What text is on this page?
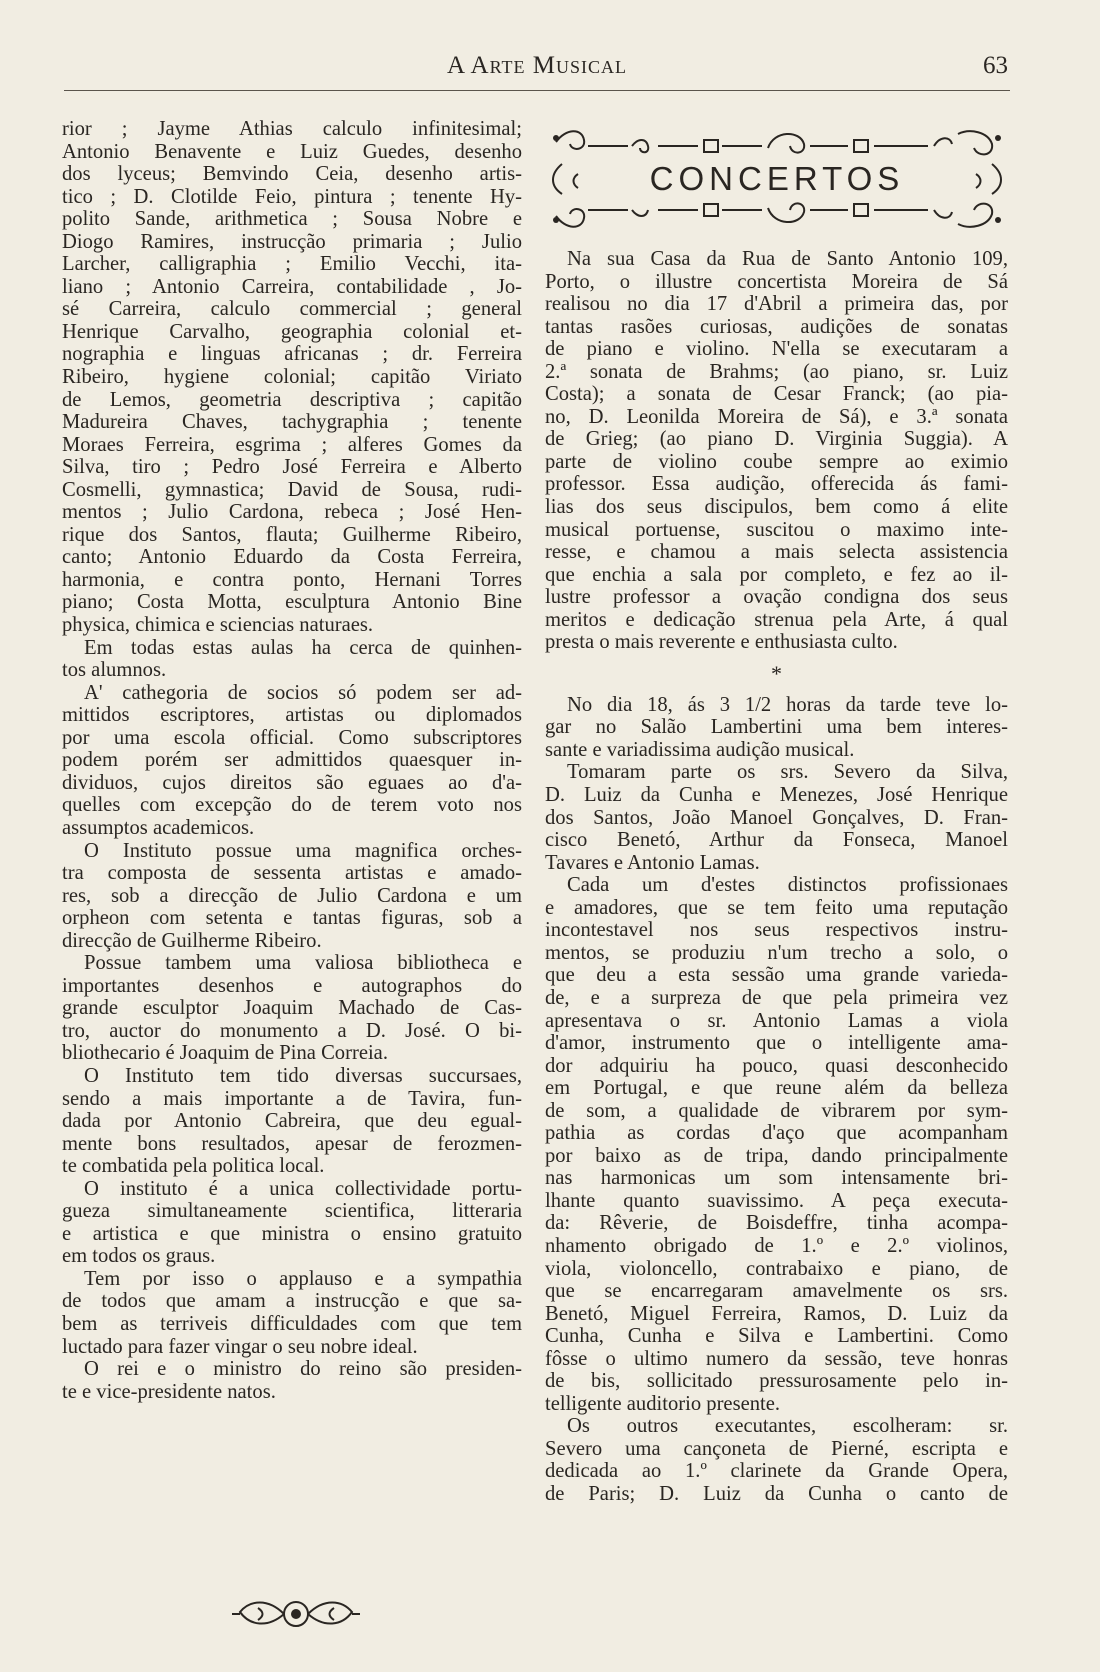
A Arte Musical	63
rior ; Jayme Athias calculo infinitesimal;
Antonio Benavente e Luiz Guedes, desenho
dos lyceus; Bemvindo Ceia, desenho artis-
tico ; D. Clotilde Feio, pintura ; tenente Hy-
polito Sande, arithmetica ; Sousa Nobre e
Diogo Ramires, instrucção primaria ; Julio
Larcher, calligraphia ; Emilio Vecchi, ita-
liano ; Antonio Carreira, contabilidade , Jo-
sé Carreira, calculo commercial ; general
Henrique Carvalho, geographia colonial et-
nographia e linguas africanas ; dr. Ferreira
Ribeiro, hygiene colonial; capitão Viriato
de Lemos, geometria descriptiva ; capitão
Madureira Chaves, tachygraphia ; tenente
Moraes Ferreira, esgrima ; alferes Gomes da
Silva, tiro ; Pedro José Ferreira e Alberto
Cosmelli, gymnastica; David de Sousa, rudi-
mentos ; Julio Cardona, rebeca ; José Hen-
rique dos Santos, flauta; Guilherme Ribeiro,
canto; Antonio Eduardo da Costa Ferreira,
harmonia, e contra ponto, Hernani Torres
piano; Costa Motta, esculptura Antonio Bine
physica, chimica e sciencias naturaes.
Em todas estas aulas ha cerca de quinhen-
tos alumnos.
A' cathegoria de socios só podem ser ad-
mittidos escriptores, artistas ou diplomados
por uma escola official. Como subscriptores
podem porém ser admittidos quaesquer in-
dividuos, cujos direitos são eguaes ao d'a-
quelles com excepção do de terem voto nos
assumptos academicos.
O Instituto possue uma magnifica orches-
tra composta de sessenta artistas e amado-
res, sob a direcção de Julio Cardona e um
orpheon com setenta e tantas figuras, sob a
direcção de Guilherme Ribeiro.
Possue tambem uma valiosa bibliotheca e
importantes desenhos e autographos do
grande esculptor Joaquim Machado de Cas-
tro, auctor do monumento a D. José. O bi-
bliothecario é Joaquim de Pina Correia.
O Instituto tem tido diversas succursaes,
sendo a mais importante a de Tavira, fun-
dada por Antonio Cabreira, que deu egual-
mente bons resultados, apesar de ferozmen-
te combatida pela politica local.
O instituto é a unica collectividade portu-
gueza simultaneamente scientifica, litteraria
e artistica e que ministra o ensino gratuito
em todos os graus.
Tem por isso o applauso e a sympathia
de todos que amam a instrucção e que sa-
bem as terriveis difficuldades com que tem
luctado para fazer vingar o seu nobre ideal.
O rei e o ministro do reino são presiden-
te e vice-presidente natos.
CONCERTOS
Na sua Casa da Rua de Santo Antonio 109,
Porto, o illustre concertista Moreira de Sá
realisou no dia 17 d'Abril a primeira das, por
tantas rasões curiosas, audições de sonatas
de piano e violino. N'ella se executaram a
2.ª sonata de Brahms; (ao piano, sr. Luiz
Costa); a sonata de Cesar Franck; (ao pia-
no, D. Leonilda Moreira de Sá), e 3.ª sonata
de Grieg; (ao piano D. Virginia Suggia). A
parte de violino coube sempre ao eximio
professor. Essa audição, offerecida ás fami-
lias dos seus discipulos, bem como á elite
musical portuense, suscitou o maximo inte-
resse, e chamou a mais selecta assistencia
que enchia a sala por completo, e fez ao il-
lustre professor a ovação condigna dos seus
meritos e dedicação strenua pela Arte, á qual
presta o mais reverente e enthusiasta culto.
*
No dia 18, ás 3 1/2 horas da tarde teve lo-
gar no Salão Lambertini uma bem interes-
sante e variadissima audição musical.
Tomaram parte os srs. Severo da Silva,
D. Luiz da Cunha e Menezes, José Henrique
dos Santos, João Manoel Gonçalves, D. Fran-
cisco Benetó, Arthur da Fonseca, Manoel
Tavares e Antonio Lamas.
Cada um d'estes distinctos profissionaes
e amadores, que se tem feito uma reputação
incontestavel nos seus respectivos instru-
mentos, se produziu n'um trecho a solo, o
que deu a esta sessão uma grande varieda-
de, e a surpreza de que pela primeira vez
apresentava o sr. Antonio Lamas a viola
d'amor, instrumento que o intelligente ama-
dor adquiriu ha pouco, quasi desconhecido
em Portugal, e que reune além da belleza
de som, a qualidade de vibrarem por sym-
pathia as cordas d'aço que acompanham
por baixo as de tripa, dando principalmente
nas harmonicas um som intensamente bri-
lhante quanto suavissimo. A peça executa-
da: Rêverie, de Boisdeffre, tinha acompa-
nhamento obrigado de 1.º e 2.º violinos,
viola, violoncello, contrabaixo e piano, de
que se encarregaram amavelmente os srs.
Benetó, Miguel Ferreira, Ramos, D. Luiz da
Cunha, Cunha e Silva e Lambertini. Como
fôsse o ultimo numero da sessão, teve honras
de bis, sollicitado pressurosamente pelo in-
telligente auditorio presente.
Os outros executantes, escolheram: sr.
Severo uma cançoneta de Pierné, escripta e
dedicada ao 1.º clarinete da Grande Opera,
de Paris; D. Luiz da Cunha o canto de
